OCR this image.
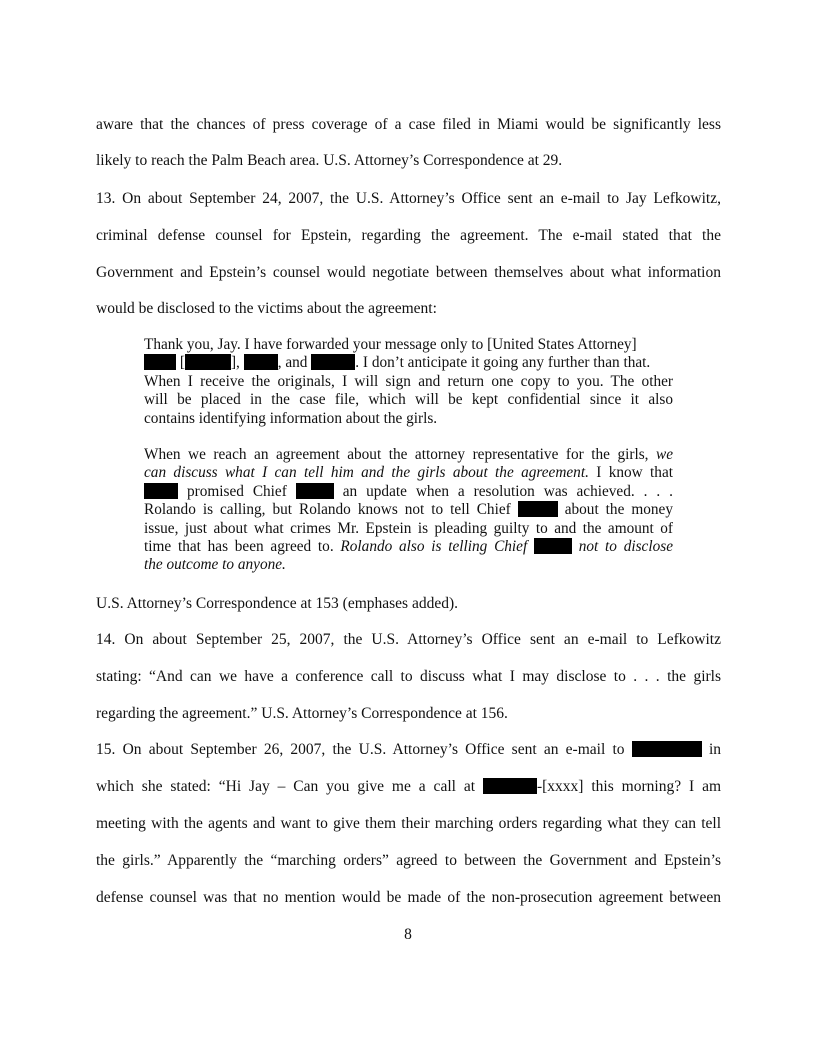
aware that the chances of press coverage of a case filed in Miami would be significantly less
likely to reach the Palm Beach area. U.S. Attorney’s Correspondence at 29.
13. On about September 24, 2007, the U.S. Attorney’s Office sent an e-mail to Jay Lefkowitz,
criminal defense counsel for Epstein, regarding the agreement. The e-mail stated that the
Government and Epstein’s counsel would negotiate between themselves about what information
would be disclosed to the victims about the agreement:
Thank you, Jay. I have forwarded your message only to [United States Attorney]
[	], , and	. I don’t anticipate it going any further than that.
When I receive the originals, I will sign and return one copy to you. The other
will be placed in the case file, which will be kept confidential since it also
contains identifying information about the girls.
When we reach an agreement about the attorney representative for the girls, we
can discuss what I can tell him and the girls about the agreement. I know that
promised Chief	an update when a resolution was achieved. . . .
Rolando is calling, but Rolando knows not to tell Chief	about the money
issue, just about what crimes Mr. Epstein is pleading guilty to and the amount of
time that has been agreed to. Rolando also is telling Chief	not to disclose
the outcome to anyone.
U.S. Attorney’s Correspondence at 153 (emphases added).
14. On about September 25, 2007, the U.S. Attorney’s Office sent an e-mail to Lefkowitz
stating: “And can we have a conference call to discuss what I may disclose to . . . the girls
regarding the agreement.” U.S. Attorney’s Correspondence at 156.
15. On about September 26, 2007, the U.S. Attorney’s Office sent an e-mail to	in
which she stated: “Hi Jay – Can you give me a call at	-[xxxx] this morning? I am
meeting with the agents and want to give them their marching orders regarding what they can tell
the girls.” Apparently the “marching orders” agreed to between the Government and Epstein’s
defense counsel was that no mention would be made of the non-prosecution agreement between
8
